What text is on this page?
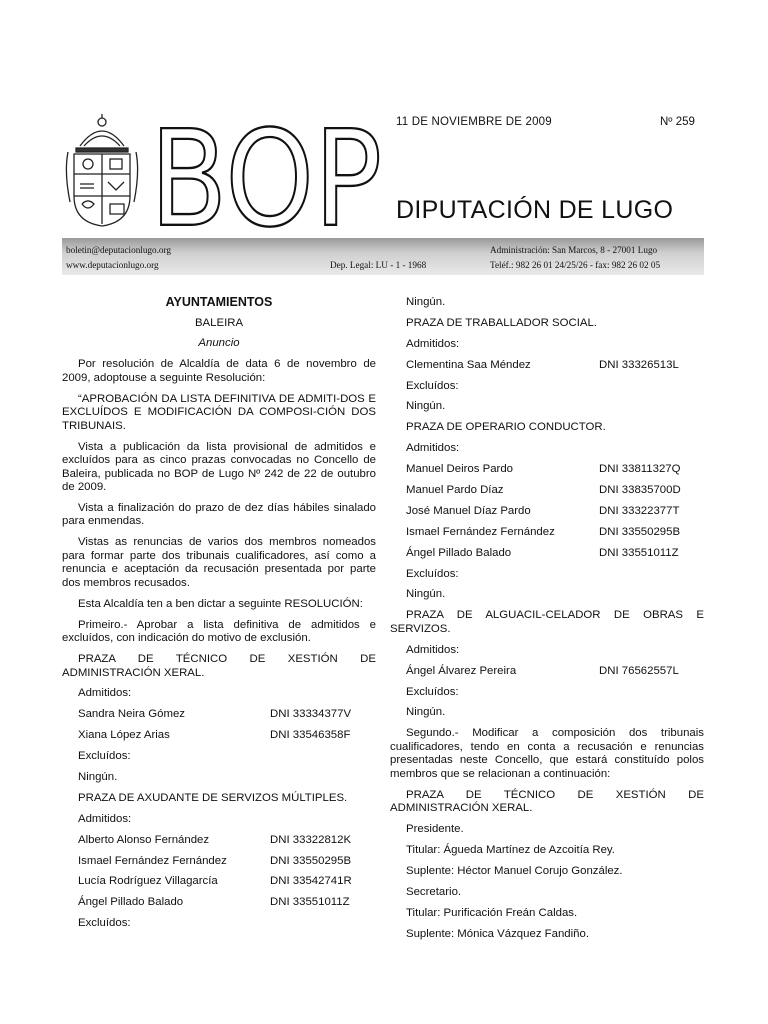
BOP 11 DE NOVIEMBRE DE 2009	Nº 259
DIPUTACIÓN DE LUGO
boletin@deputacionlugo.org
www.deputacionlugo.org	Dep. Legal: LU - 1 - 1968
Administración: San Marcos, 8 - 27001 Lugo
Teléf.: 982 26 01 24/25/26 - fax: 982 26 02 05

AYUNTAMIENTOS

BALEIRA

Anuncio

Por resolución de Alcaldía de data 6 de novembro de 2009, adoptouse a seguinte Resolución:

“APROBACIÓN DA LISTA DEFINITIVA DE ADMITI-DOS E EXCLUÍDOS E MODIFICACIÓN DA COMPOSI-CIÓN DOS TRIBUNAIS.

Vista a publicación da lista provisional de admitidos e excluídos para as cinco prazas convocadas no Concello de Baleira, publicada no BOP de Lugo Nº 242 de 22 de outubro de 2009.

Vista a finalización do prazo de dez días hábiles sinalado para enmendas.

Vistas as renuncias de varios dos membros nomeados para formar parte dos tribunais cualificadores, así como a renuncia e aceptación da recusación presentada por parte dos membros recusados.

Esta Alcaldía ten a ben dictar a seguinte RESOLUCIÓN:

Primeiro.- Aprobar a lista definitiva de admitidos e excluídos, con indicación do motivo de exclusión.

PRAZA DE TÉCNICO DE XESTIÓN DE ADMINISTRACIÓN XERAL.

Admitidos:

Sandra Neira Gómez	DNI 33334377V
Xiana López Arias	DNI 33546358F

Excluídos:

Ningún.

PRAZA DE AXUDANTE DE SERVIZOS MÚLTIPLES.

Admitidos:

Alberto Alonso Fernández	DNI 33322812K
Ismael Fernández Fernández	DNI 33550295B
Lucía Rodríguez Villagarcía	DNI 33542741R
Ángel Pillado Balado	DNI 33551011Z

Excluídos:

Ningún.

PRAZA DE TRABALLADOR SOCIAL.

Admitidos:

Clementina Saa Méndez	DNI 33326513L

Excluídos:

Ningún.

PRAZA DE OPERARIO CONDUCTOR.

Admitidos:

Manuel Deiros Pardo	DNI 33811327Q
Manuel Pardo Díaz	DNI 33835700D
José Manuel Díaz Pardo	DNI 33322377T
Ismael Fernández Fernández	DNI 33550295B
Ángel Pillado Balado	DNI 33551011Z

Excluídos:

Ningún.

PRAZA DE ALGUACIL-CELADOR DE OBRAS E SERVIZOS.

Admitidos:

Ángel Álvarez Pereira	DNI 76562557L

Excluídos:

Ningún.

Segundo.- Modificar a composición dos tribunais cualificadores, tendo en conta a recusación e renuncias presentadas neste Concello, que estará constituído polos membros que se relacionan a continuación:

PRAZA DE TÉCNICO DE XESTIÓN DE ADMINISTRACIÓN XERAL.

Presidente.

Titular: Águeda Martínez de Azcoitía Rey.

Suplente: Héctor Manuel Corujo González.

Secretario.

Titular: Purificación Freán Caldas.

Suplente: Mónica Vázquez Fandiño.
